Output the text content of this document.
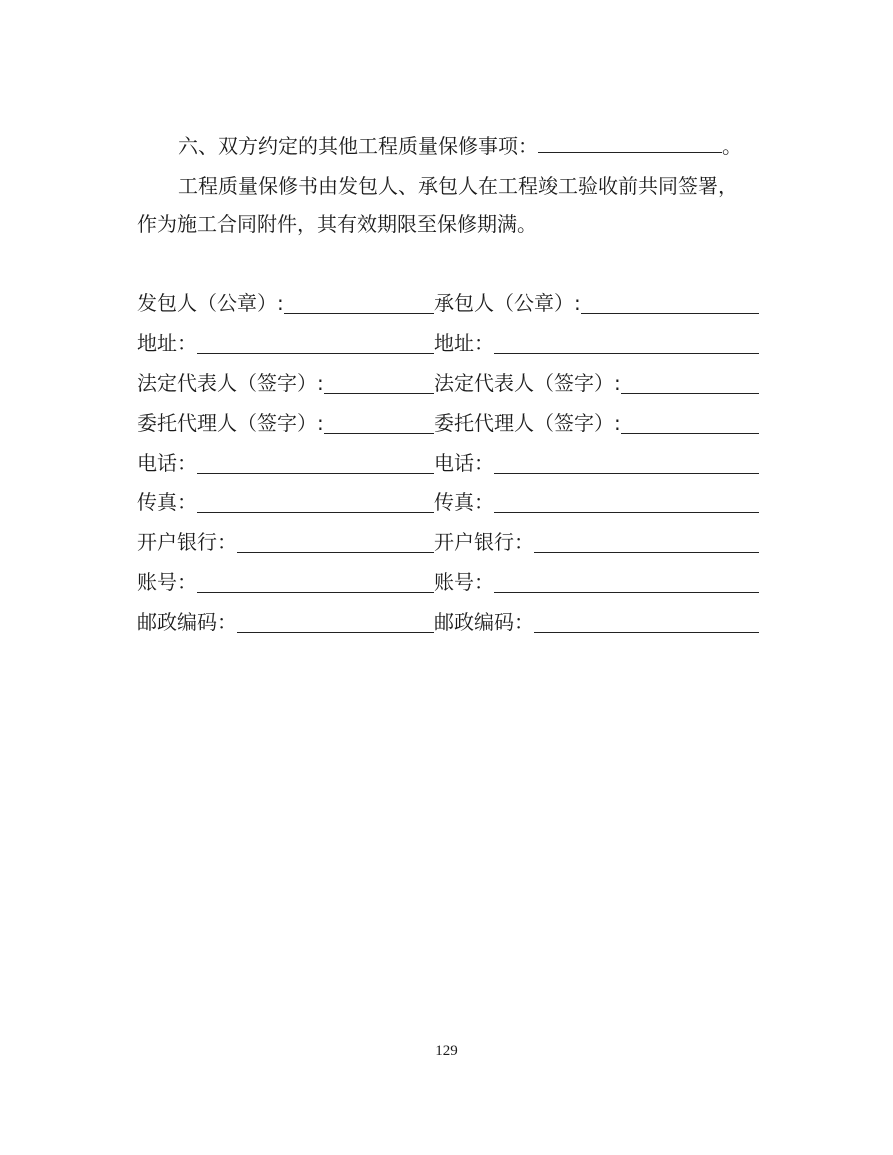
六、双方约定的其他工程质量保修事项：	。
工程质量保修书由发包人、承包人在工程竣工验收前共同签署，
作为施工合同附件，其有效期限至保修期满。
发包人（公章）:	承包人（公章）:
地址：	地址：
法定代表人（签字）:	法定代表人（签字）:
委托代理人（签字）:	委托代理人（签字）:
电话：	电话：
传真：	传真：
开户银行：	开户银行：
账号：	账号：
邮政编码：	邮政编码：
129
